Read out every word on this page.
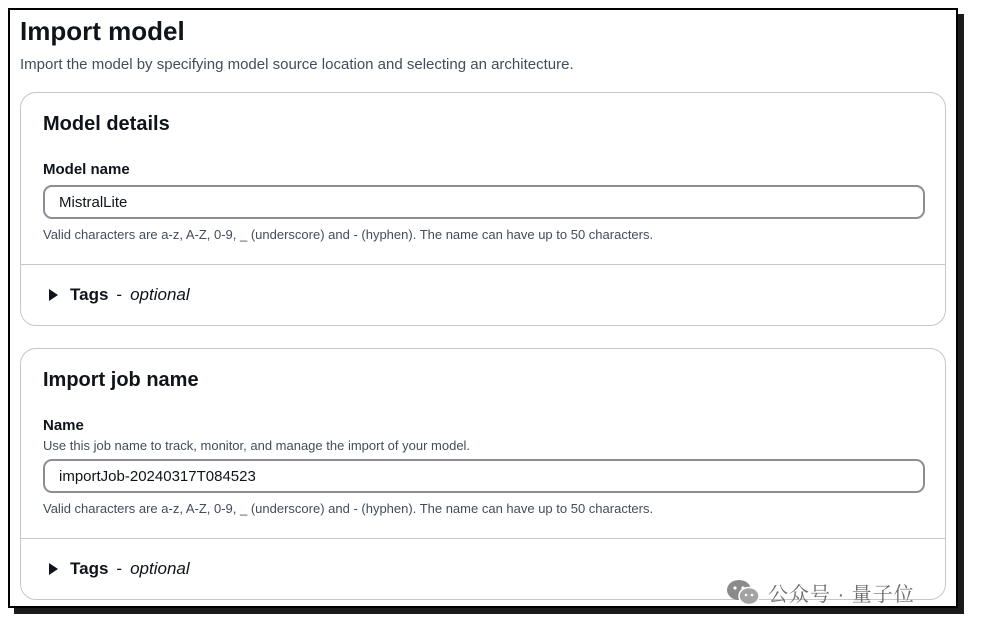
Import model
Import the model by specifying model source location and selecting an architecture.
Model details
Model name
MistralLite
Valid characters are a-z, A-Z, 0-9, _ (underscore) and - (hyphen). The name can have up to 50 characters.
Tags - optional
Import job name
Name
Use this job name to track, monitor, and manage the import of your model.
importJob-20240317T084523
Valid characters are a-z, A-Z, 0-9, _ (underscore) and - (hyphen). The name can have up to 50 characters.
Tags - optional
公众号 · 量子位
